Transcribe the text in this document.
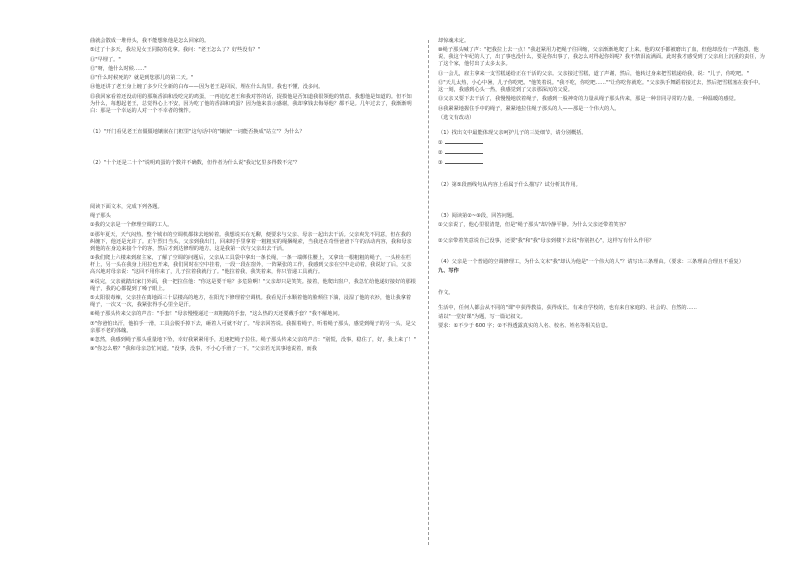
曲就会散成一堆骨头，我不能想象他是怎么回家的。

⑤过了十多天，我垃见女王同院的花拿。我问："老王怎么了？好些没有？"

⑪"早埋了。"

⑫"呀，他什么时候……"

⑬"什么时候死的？就是到您那儿的第二天。"

⑭他还讲了老王身上缠了多少尺全新的白布——因为老王是回民，埋在什么沟里。我也不懂，没多问。

⑮我回家看着还没动用的那瓶香油和没吃完的鸡蛋，一再追忆老王和我对答的话，捉摸他是否知道我很领他的情意。我想他是知道的。但不知为什么，每想起老王，总觉得心上不安，因为吃了他的香油和鸡蛋？因为他来表示感谢，我却拿钱去侮辱他？都不是。几年过去了，我渐渐明白：那是一个幸运的人对一个不幸者的愧怍。

（1）"开门看见老王直僵僵地镶嵌在门框里"这句话中的"镶嵌"一词能否换成"站立"？为什么？

（2）"十个还是二十个"说明鸡蛋的个数并不确数，但作者为什么说"我记忆里多得数不完"？

阅读下面文本，完成下列各题。

绳子那头

①我的父亲是一个修理空调的工人。

②那年夏天，天气闷热。整个城市的空调机都抹去地转着。我想说买在无聊，便要求与父亲、母亲一起出去干活。父亲爽先不同意，但在我的纠缠下，他还是允许了。正午烈日当头，父亲到我出门，回来时手里拿着一粗粗实的绳捆绳索，当我还在奇怪爸爸下午的活动内容，我和母亲到他的在身边来接个个的客，然后才到达修理的地方。这是我第一次与父亲出去干活。

③我们爬上六楼来到雇主家，了解了空调的问题后，父亲从工具袋中拿出一条长绳，一条一端绑住腰上，又拿出一根粗粗的绳子，一头栓在栏杆上，另一头在我身上用拉也开来，我们同时在空中挂着，一段一段在窗外，一阵紧张的工作，我感到父亲在空中走动着，我说好了后，父亲高兴地对母亲说："这回不用你来了，儿子拉着我就行了。"他拉着我，我笑着来，你只管递工具就行。

④说完，父亲就踏出家门外面，我一把拉住他："你这是要干啥？多危险啊！"父亲却只是笑笑。接着，他爬出窗户，我急忙给他递好接好的那根绳子，我的心都提到了嗓子眼上。

⑤太阳很毒辣，父亲挂在离地面三十层楼高的地方，在阳光下修理着空调机。我看见汗水顺着他的脸颊往下淌，浸湿了他的衣衫，他让我拿着绳子，一次又一次，我紧张得手心里全是汗。

⑥绳子那头传来父亲的声音："手套！"母亲慢慢递过一双粗糙的手套，"这么热的天还要戴手套？"我不解地问。

⑦"你爸怕出汗，他拍手一滑，工具会脱手掉下去，砸着人可就不好了。"母亲回答说。我握着绳子，听着绳子那头，感觉到绳子的另一头，是父亲那不老的体魄。

⑧忽然，我感到绳子那头重量地下坠，幸好我紧紧用手，迅速把绳子拉住。绳子那头传来父亲的声音："别慌，没事，稳住了，好，我上来了！"

⑨"你怎么啦？"我和母亲急忙问道。"没事，没事，不小心手滑了一下。"父亲若无其事地说着，而我

却惊魂未定。

⑩绳子那头喊了声："把我拉上去一点！"我赶紧用力把绳子往回缩，父亲渐渐地爬了上来。他的双手都被磨出了血，但他却没有一声抱怨，他说，我这个年纪的人了，出了事也没什么，要是你出事了，我怎么对得起你妈呢？我不禁泪流满面。此时我才感受到了父亲肩上沉重的责任，为了这个家，他付出了太多太多。

⑪一会儿，雇主拿来一支雪糕递给正在干活的父亲。父亲接过雪糕，道了声谢，然后，他转过身来把雪糕递给我，说："儿子，你吃吧。"

⑫"天儿太热，小心中暑，儿子你吃吧。"他笑着说。"我不吃，你吃吧……""让你吃你就吃。"父亲执手舞蹈着接过去，然后把雪糕塞在我手中。这一刻，我感到心头一热，我感觉到了父亲那深沉的父爱。

⑬父亲又要下去干活了，我慢慢地放着绳子，我感到一股神奇的力量从绳子那头传来，那是一种非同寻常的力量，一种温暖的感觉。

⑭我紧紧地握住手中的绳子，紧紧地拉住绳子那头的人——那是一个伟大的人。

（选文有改动）

（1）找出文中最能体现父亲呵护儿子的三处细节，请分别概括。

①

②

③

（2）第⑤段画线句从内容上看属于什么描写？试分析其作用。

（3）阅读第②~⑨段，回答问题。

①父亲说了，他心里很清楚，但是"绳子那头"却冷静平静。为什么父亲还带着笑容？

②父亲带着笑意说自己没事，还要"我"和"我"母亲到楼下去说"你别担心"，这样写有什么作用？

（4）父亲是一个普通的空调修理工，为什么文末"我"却认为他是"一个伟大的人"？请写出三条理由。（要求：三条理由合理且不重复）

九、写作

作文。

生活中，任何人都会从不同的"课"中获得教益，获得成长。有来自学校的，也有来自家庭的、社会的、自然的……

请以"一堂好课"为题，写一篇记叙文。

要求：①不少于 600 字；②不得透露真实的人名、校名、姓名等相关信息。
